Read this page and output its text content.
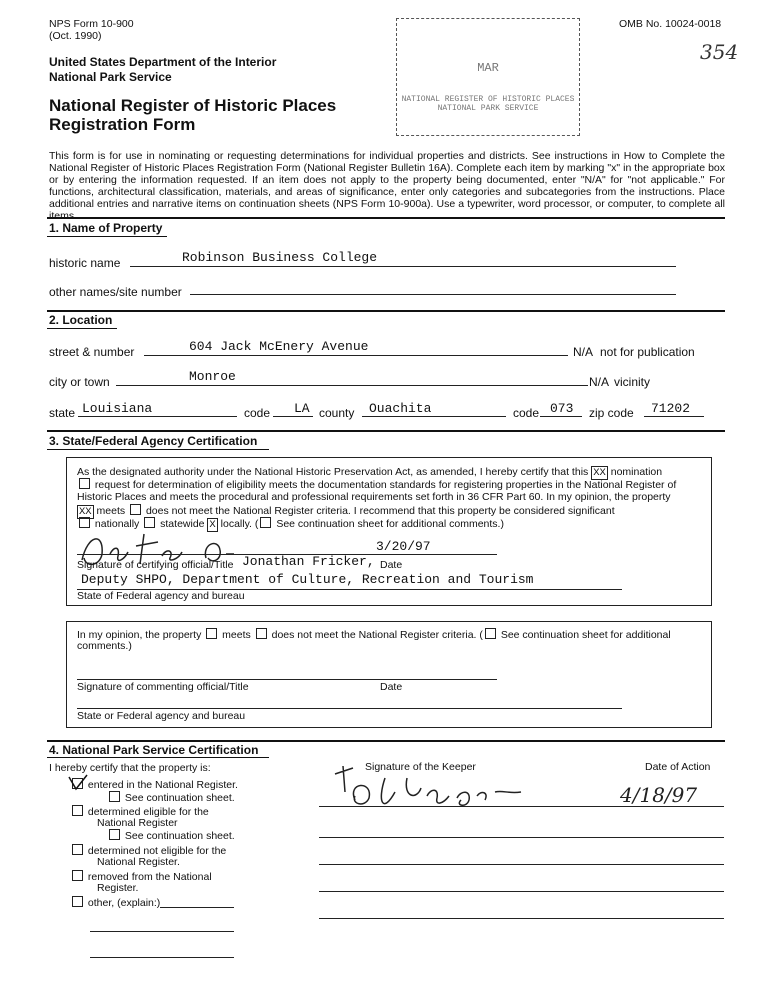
NPS Form 10-900
(Oct. 1990)
OMB No. 10024-0018
354
United States Department of the Interior
National Park Service
National Register of Historic Places
Registration Form
MAR
NATIONAL REGISTER OF HISTORIC PLACES
NATIONAL PARK SERVICE
This form is for use in nominating or requesting determinations for individual properties and districts. See instructions in How to Complete the National Register of Historic Places Registration Form (National Register Bulletin 16A). Complete each item by marking "x" in the appropriate box or by entering the information requested. If an item does not apply to the property being documented, enter "N/A" for "not applicable." For functions, architectural classification, materials, and areas of significance, enter only categories and subcategories from the instructions. Place additional entries and narrative items on continuation sheets (NPS Form 10-900a). Use a typewriter, word processor, or computer, to complete all items.
1. Name of Property
historic name	Robinson Business College
other names/site number
2. Location
street & number	604 Jack McEnery Avenue	N/A not for publication
city or town	Monroe	N/A vicinity
state Louisiana	code LA county Ouachita	code 073 zip code 71202
3. State/Federal Agency Certification
As the designated authority under the National Historic Preservation Act, as amended, I hereby certify that this XX nomination
request for determination of eligibility meets the documentation standards for registering properties in the National Register of
Historic Places and meets the procedural and professional requirements set forth in 36 CFR Part 60. In my opinion, the property
XX meets does not meet the National Register criteria. I recommend that this property be considered significant
nationally statewide X locally. ( See continuation sheet for additional comments.)
3/20/97
Signature of certifying official/Title Jonathan Fricker, Date
Deputy SHPO, Department of Culture, Recreation and Tourism
State of Federal agency and bureau
In my opinion, the property meets does not meet the National Register criteria. ( See continuation sheet for additional
comments.)
Signature of commenting official/Title	Date
State or Federal agency and bureau
4. National Park Service Certification
I hereby certify that the property is:
entered in the National Register.
See continuation sheet.
determined eligible for the
National Register
See continuation sheet.
determined not eligible for the
National Register.
removed from the National
Register.
other, (explain:)
Signature of the Keeper	Date of Action
4/18/97
